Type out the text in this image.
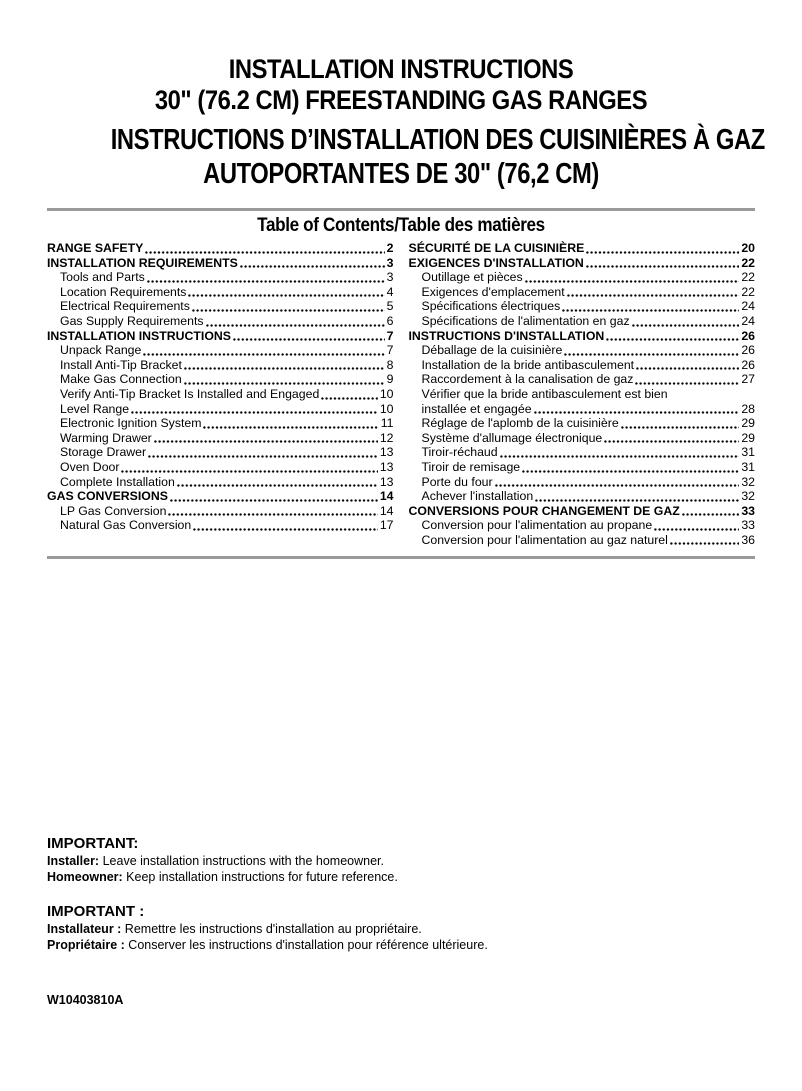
INSTALLATION INSTRUCTIONS
30" (76.2 CM) FREESTANDING GAS RANGES
INSTRUCTIONS D’INSTALLATION DES CUISINIÈRES À GAZ
AUTOPORTANTES DE 30" (76,2 CM)
Table of Contents/Table des matières
RANGE SAFETY	2
INSTALLATION REQUIREMENTS	3
Tools and Parts	3
Location Requirements	4
Electrical Requirements	5
Gas Supply Requirements	6
INSTALLATION INSTRUCTIONS	7
Unpack Range	7
Install Anti-Tip Bracket	8
Make Gas Connection	9
Verify Anti-Tip Bracket Is Installed and Engaged	10
Level Range	10
Electronic Ignition System	11
Warming Drawer	12
Storage Drawer	13
Oven Door	13
Complete Installation	13
GAS CONVERSIONS	14
LP Gas Conversion	14
Natural Gas Conversion	17
SÉCURITÉ DE LA CUISINIÈRE	20
EXIGENCES D'INSTALLATION	22
Outillage et pièces	22
Exigences d'emplacement	22
Spécifications électriques	24
Spécifications de l'alimentation en gaz	24
INSTRUCTIONS D'INSTALLATION	26
Déballage de la cuisinière	26
Installation de la bride antibasculement	26
Raccordement à la canalisation de gaz	27
Vérifier que la bride antibasculement est bien
installée et engagée	28
Réglage de l'aplomb de la cuisinière	29
Système d'allumage électronique	29
Tiroir-réchaud	31
Tiroir de remisage	31
Porte du four	32
Achever l'installation	32
CONVERSIONS POUR CHANGEMENT DE GAZ	33
Conversion pour l'alimentation au propane	33
Conversion pour l'alimentation au gaz naturel	36
IMPORTANT:
Installer: Leave installation instructions with the homeowner.
Homeowner: Keep installation instructions for future reference.
IMPORTANT :
Installateur : Remettre les instructions d'installation au propriétaire.
Propriétaire : Conserver les instructions d'installation pour référence ultérieure.
W10403810A
